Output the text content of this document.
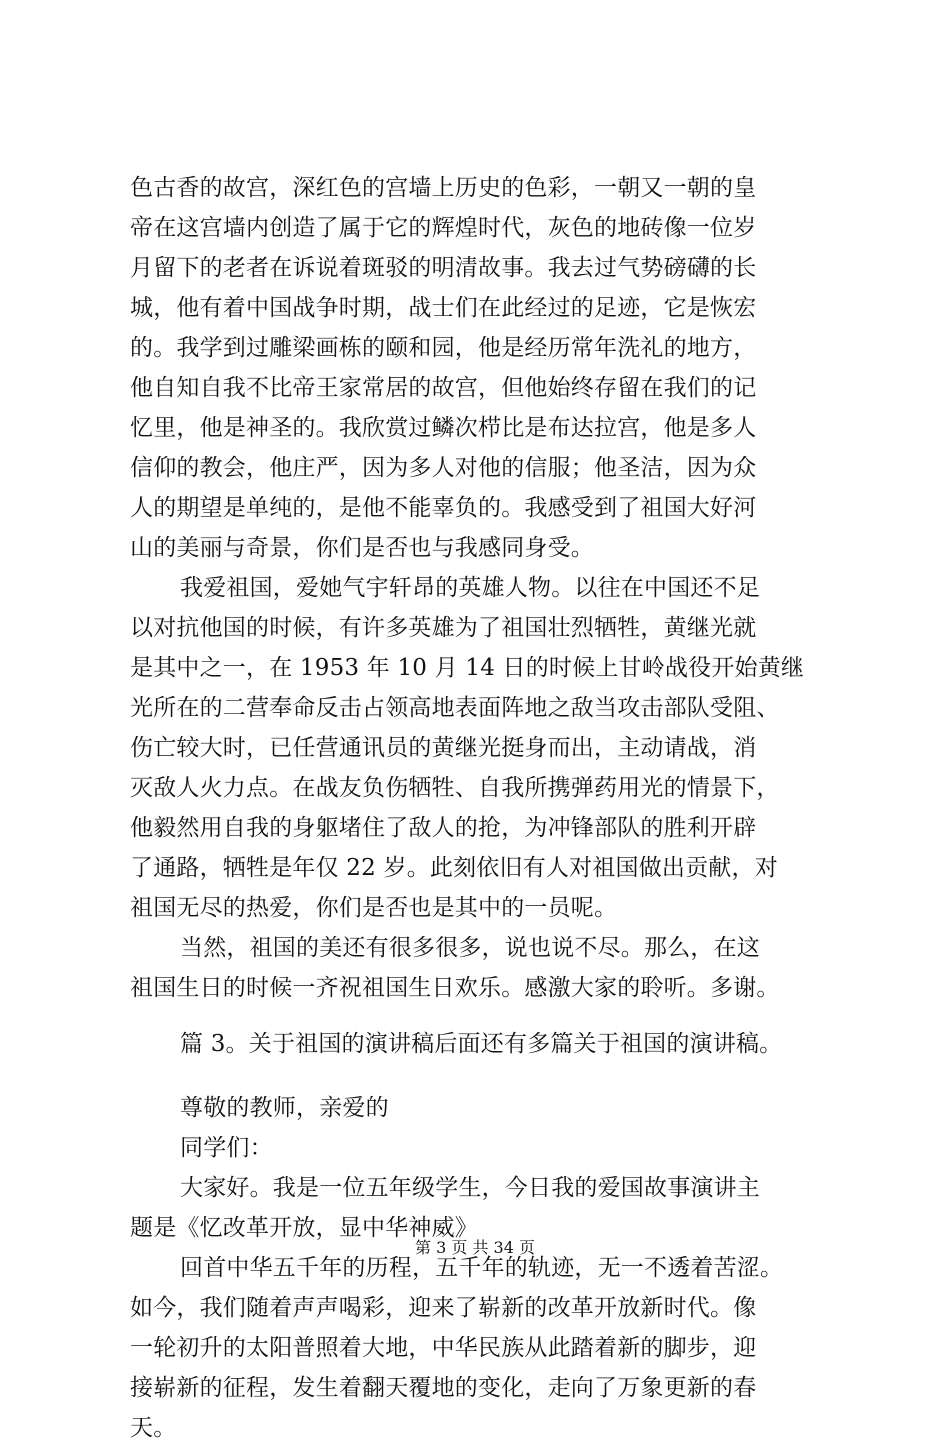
色古香的故宫，深红色的宫墙上历史的色彩，一朝又一朝的皇
帝在这宫墙内创造了属于它的辉煌时代，灰色的地砖像一位岁
月留下的老者在诉说着斑驳的明清故事。我去过气势磅礴的长
城，他有着中国战争时期，战士们在此经过的足迹，它是恢宏
的。我学到过雕梁画栋的颐和园，他是经历常年洗礼的地方，
他自知自我不比帝王家常居的故宫，但他始终存留在我们的记
忆里，他是神圣的。我欣赏过鳞次栉比是布达拉宫，他是多人
信仰的教会，他庄严，因为多人对他的信服；他圣洁，因为众
人的期望是单纯的，是他不能辜负的。我感受到了祖国大好河
山的美丽与奇景，你们是否也与我感同身受。
我爱祖国，爱她气宇轩昂的英雄人物。以往在中国还不足
以对抗他国的时候，有许多英雄为了祖国壮烈牺牲，黄继光就
是其中之一，在 1953 年 10 月 14 日的时候上甘岭战役开始黄继
光所在的二营奉命反击占领高地表面阵地之敌当攻击部队受阻、
伤亡较大时，已任营通讯员的黄继光挺身而出，主动请战，消
灭敌人火力点。在战友负伤牺牲、自我所携弹药用光的情景下，
他毅然用自我的身躯堵住了敌人的抢，为冲锋部队的胜利开辟
了通路，牺牲是年仅 22 岁。此刻依旧有人对祖国做出贡献，对
祖国无尽的热爱，你们是否也是其中的一员呢。
当然，祖国的美还有很多很多，说也说不尽。那么，在这
祖国生日的时候一齐祝祖国生日欢乐。感激大家的聆听。多谢。
篇 3。关于祖国的演讲稿后面还有多篇关于祖国的演讲稿。
尊敬的教师，亲爱的
同学们：
大家好。我是一位五年级学生，今日我的爱国故事演讲主
题是《忆改革开放，显中华神威》
回首中华五千年的历程，五千年的轨迹，无一不透着苦涩。
如今，我们随着声声喝彩，迎来了崭新的改革开放新时代。像
一轮初升的太阳普照着大地，中华民族从此踏着新的脚步，迎
接崭新的征程，发生着翻天覆地的变化，走向了万象更新的春
天。
第 3 页 共 34 页
